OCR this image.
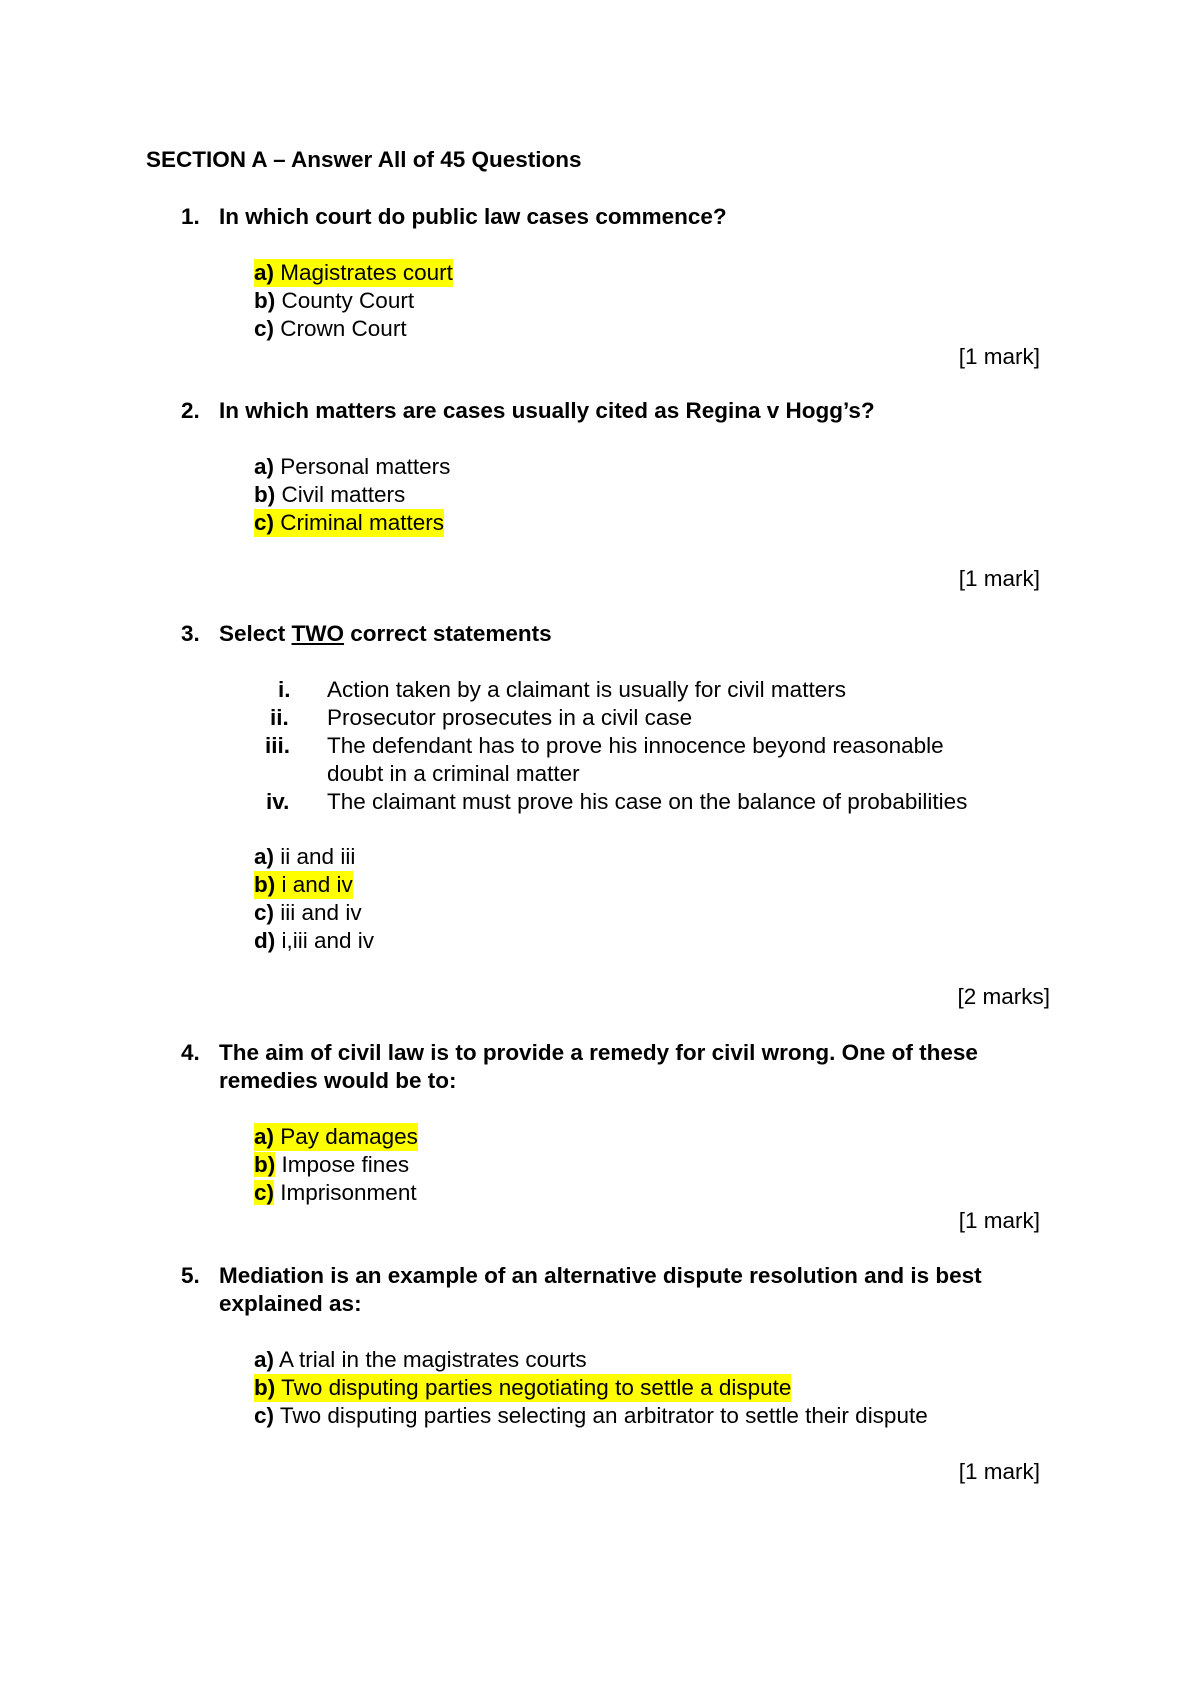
SECTION A – Answer All of 45 Questions
1. In which court do public law cases commence?
a) Magistrates court
b) County Court
c) Crown Court
[1 mark]
2. In which matters are cases usually cited as Regina v Hogg’s?
a) Personal matters
b) Civil matters
c) Criminal matters
[1 mark]
3. Select TWO correct statements
i. Action taken by a claimant is usually for civil matters
ii. Prosecutor prosecutes in a civil case
iii. The defendant has to prove his innocence beyond reasonable
doubt in a criminal matter
iv. The claimant must prove his case on the balance of probabilities
a) ii and iii
b) i and iv
c) iii and iv
d) i,iii and iv
[2 marks]
4. The aim of civil law is to provide a remedy for civil wrong. One of these
remedies would be to:
a) Pay damages
b) Impose fines
c) Imprisonment
[1 mark]
5. Mediation is an example of an alternative dispute resolution and is best
explained as:
a) A trial in the magistrates courts
b) Two disputing parties negotiating to settle a dispute
c) Two disputing parties selecting an arbitrator to settle their dispute
[1 mark]
